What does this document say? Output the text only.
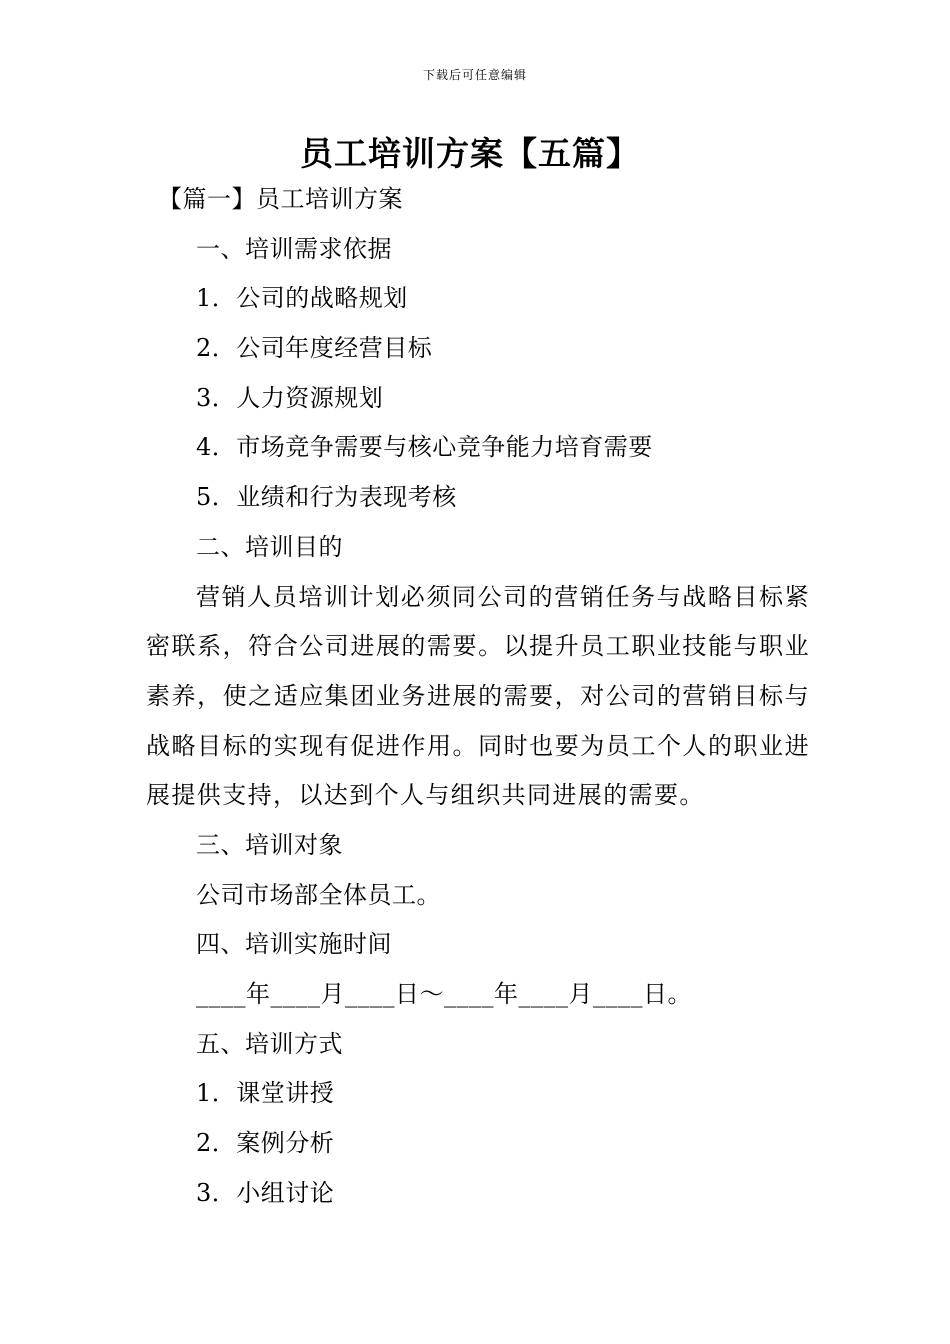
下载后可任意编辑
员工培训方案【五篇】
【篇一】员工培训方案
一、培训需求依据
1．公司的战略规划
2．公司年度经营目标
3．人力资源规划
4．市场竞争需要与核心竞争能力培育需要
5．业绩和行为表现考核
二、培训目的
营销人员培训计划必须同公司的营销任务与战略目标紧密联系，符合公司进展的需要。以提升员工职业技能与职业素养，使之适应集团业务进展的需要，对公司的营销目标与战略目标的实现有促进作用。同时也要为员工个人的职业进展提供支持，以达到个人与组织共同进展的需要。
三、培训对象
公司市场部全体员工。
四、培训实施时间
____年____月____日～____年____月____日。
五、培训方式
1．课堂讲授
2．案例分析
3．小组讨论
